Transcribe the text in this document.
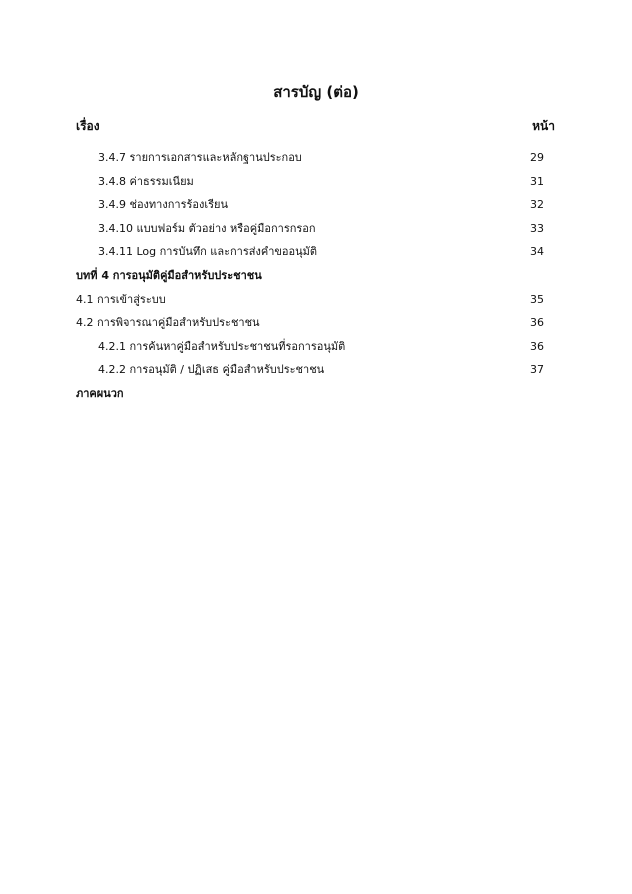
สารบัญ (ต่อ)
เรื่อง	หน้า
3.4.7 รายการเอกสารและหลักฐานประกอบ	29
3.4.8 ค่าธรรมเนียม	31
3.4.9 ช่องทางการร้องเรียน	32
3.4.10 แบบฟอร์ม ตัวอย่าง หรือคู่มือการกรอก	33
3.4.11 Log การบันทึก และการส่งคำขออนุมัติ	34
บทที่ 4 การอนุมัติคู่มือสำหรับประชาชน
4.1 การเข้าสู่ระบบ	35
4.2 การพิจารณาคู่มือสำหรับประชาชน	36
4.2.1 การค้นหาคู่มือสำหรับประชาชนที่รอการอนุมัติ	36
4.2.2 การอนุมัติ / ปฏิเสธ คู่มือสำหรับประชาชน	37
ภาคผนวก
